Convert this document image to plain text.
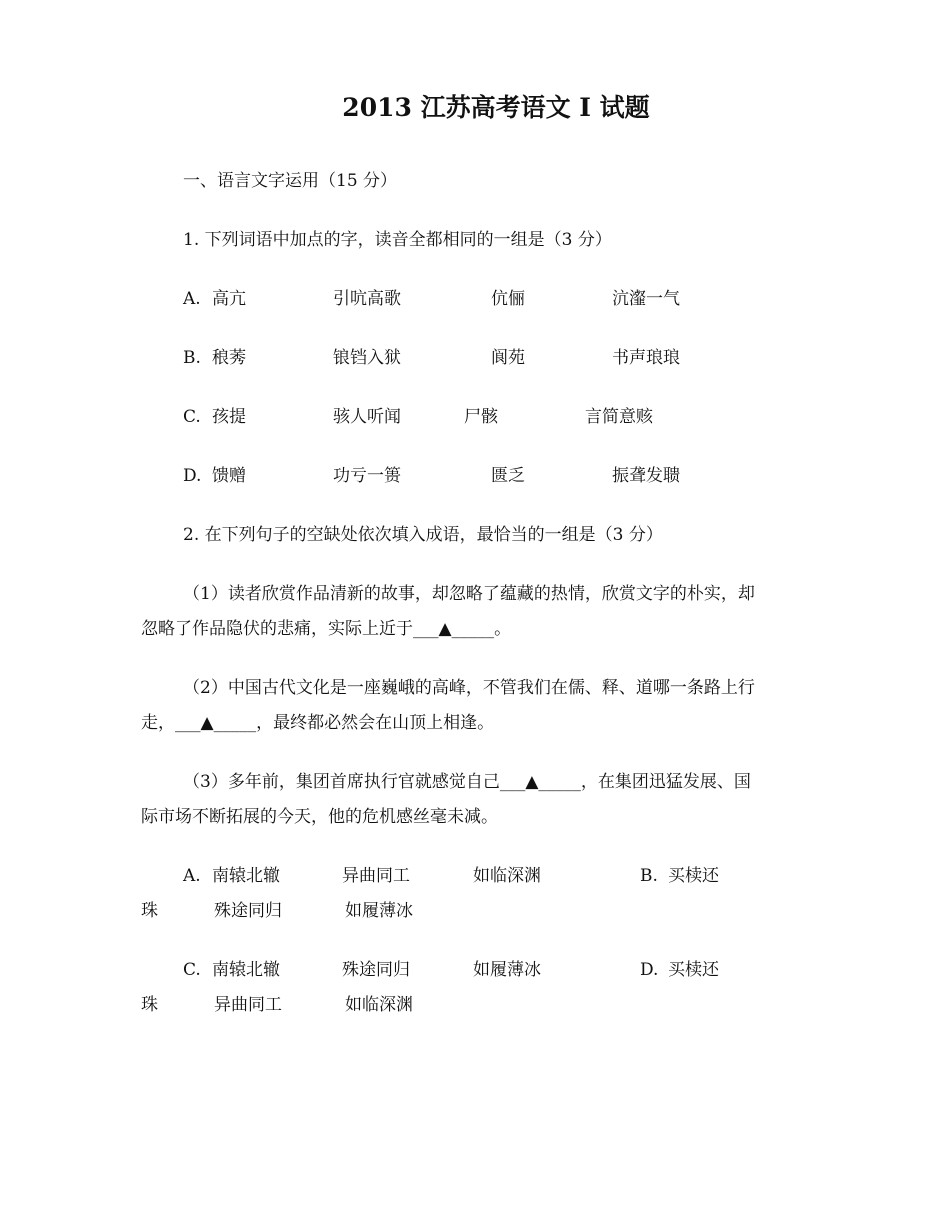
2013 江苏高考语文 I 试题
一、语言文字运用（15 分）
1. 下列词语中加点的字，读音全都相同的一组是（3 分）
A. 高亢	引吭高歌	伉俪	沆瀣一气
B. 稂莠	锒铛入狱	阆苑	书声琅琅
C. 孩提	骇人听闻	尸骸	言简意赅
D. 馈赠	功亏一篑	匮乏	振聋发聩
2. 在下列句子的空缺处依次填入成语，最恰当的一组是（3 分）
（1）读者欣赏作品清新的故事，却忽略了蕴藏的热情，欣赏文字的朴实，却
忽略了作品隐伏的悲痛，实际上近于___▲_____。
（2）中国古代文化是一座巍峨的高峰，不管我们在儒、释、道哪一条路上行
走，___▲_____，最终都必然会在山顶上相逢。
（3）多年前，集团首席执行官就感觉自己___▲_____，在集团迅猛发展、国
际市场不断拓展的今天，他的危机感丝毫未减。
A. 南辕北辙	异曲同工	如临深渊	B. 买椟还
珠	殊途同归	如履薄冰
C. 南辕北辙	殊途同归	如履薄冰	D. 买椟还
珠	异曲同工	如临深渊
